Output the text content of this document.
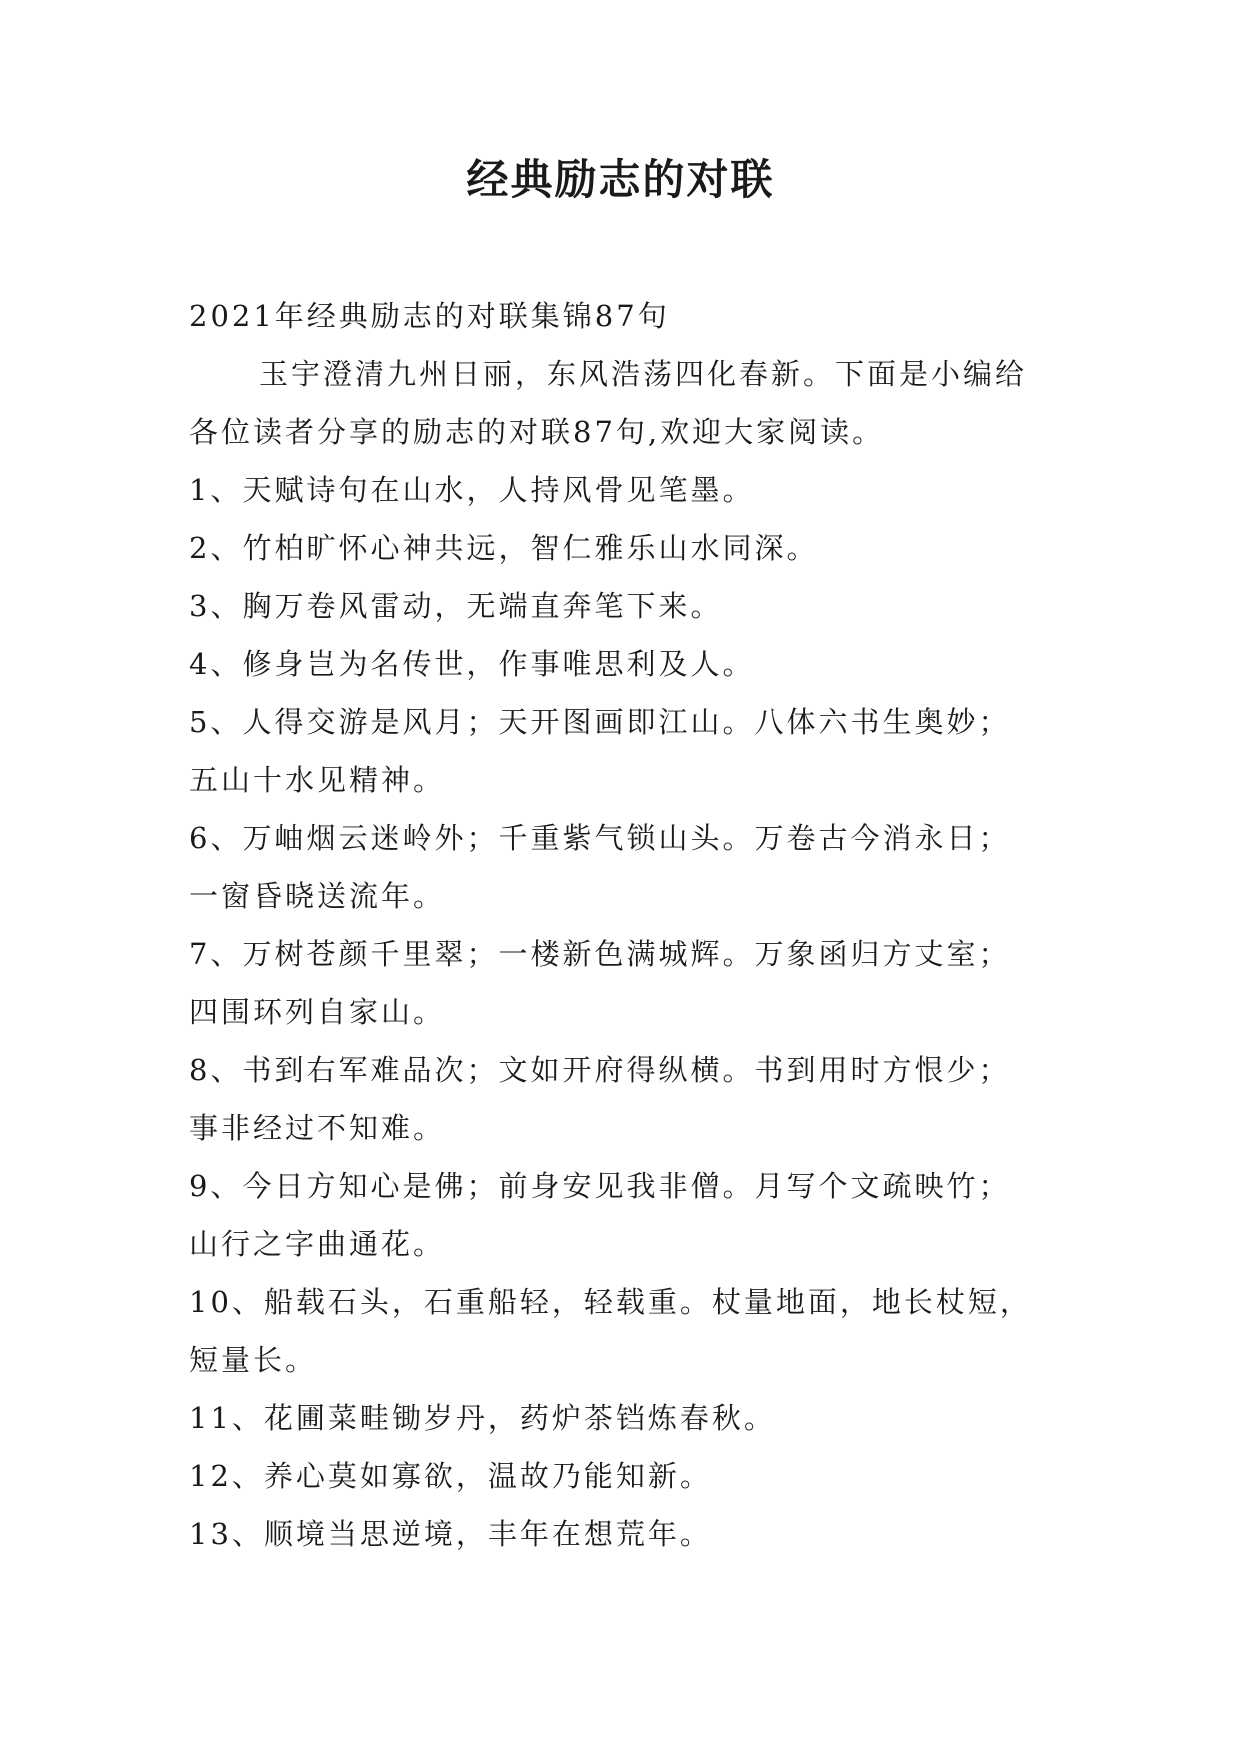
经典励志的对联

2021年经典励志的对联集锦87句

玉宇澄清九州日丽，东风浩荡四化春新。下面是小编给
各位读者分享的励志的对联87句,欢迎大家阅读。

1、天赋诗句在山水，人持风骨见笔墨。

2、竹柏旷怀心神共远，智仁雅乐山水同深。

3、胸万卷风雷动，无端直奔笔下来。

4、修身岂为名传世，作事唯思利及人。

5、人得交游是风月；天开图画即江山。八体六书生奥妙；
五山十水见精神。

6、万岫烟云迷岭外；千重紫气锁山头。万卷古今消永日；
一窗昏晓送流年。

7、万树苍颜千里翠；一楼新色满城辉。万象函归方丈室；
四围环列自家山。

8、书到右军难品次；文如开府得纵横。书到用时方恨少；
事非经过不知难。

9、今日方知心是佛；前身安见我非僧。月写个文疏映竹；
山行之字曲通花。

10、船载石头，石重船轻，轻载重。杖量地面，地长杖短，
短量长。

11、花圃菜畦锄岁丹，药炉茶铛炼春秋。

12、养心莫如寡欲，温故乃能知新。

13、顺境当思逆境，丰年在想荒年。
